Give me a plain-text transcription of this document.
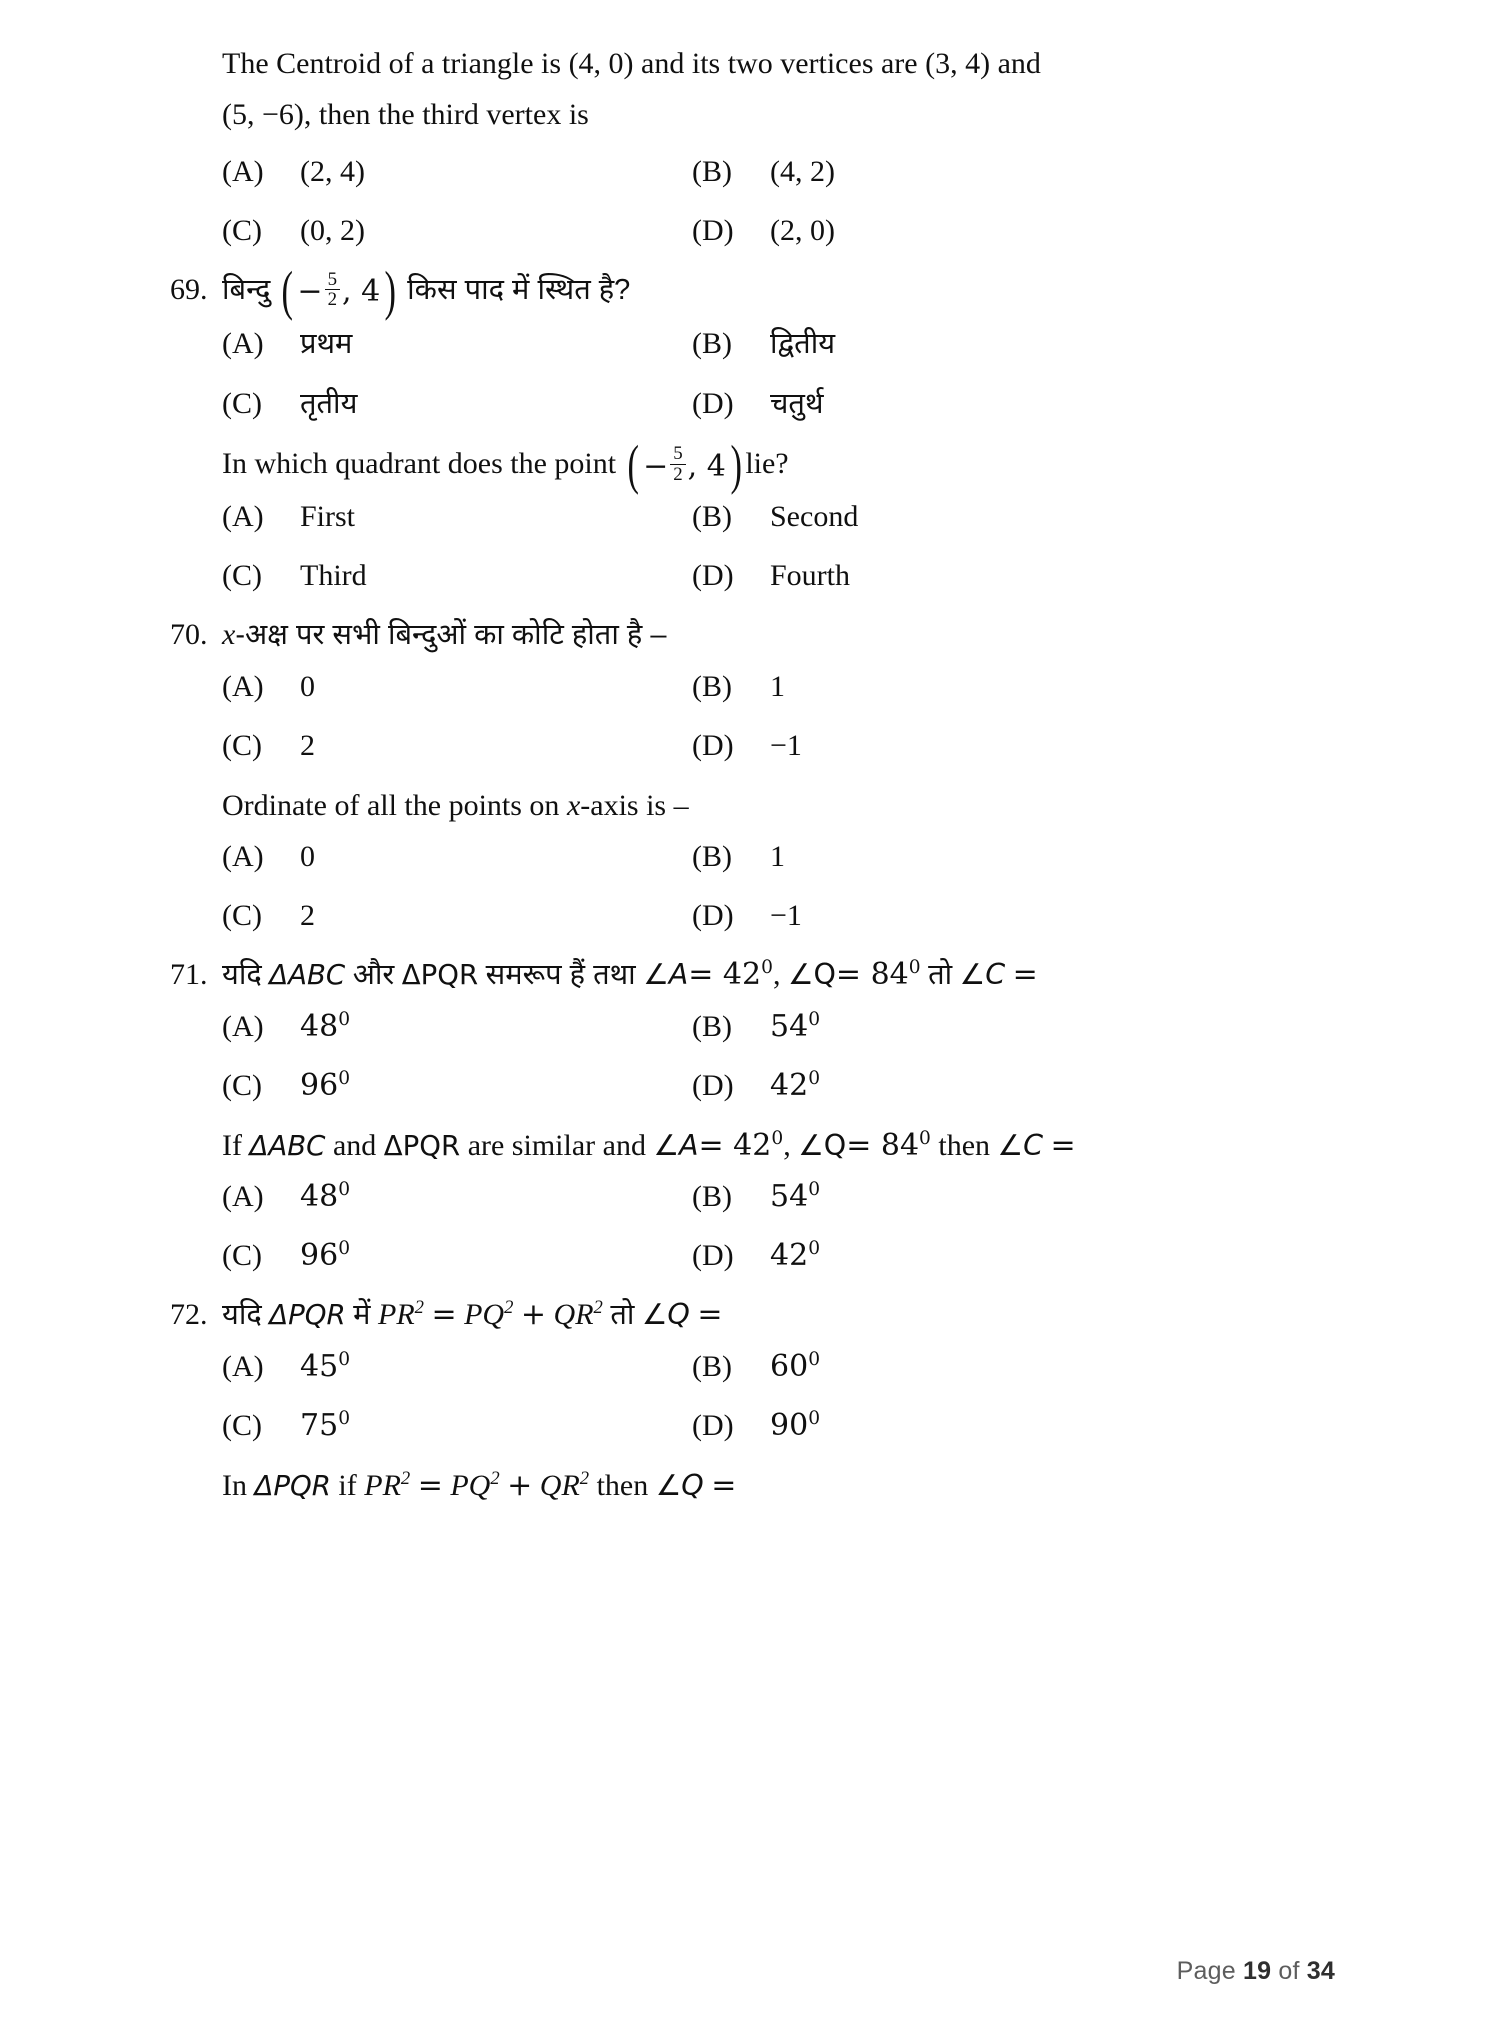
The Centroid of a triangle is (4, 0) and its two vertices are (3, 4) and
(5, −6), then the third vertex is
(A)	(2, 4)	(B)	(4, 2)
(C)	(0, 2)	(D)	(2, 0)
69. बिन्दु ( − $\frac{5}{2}$ , 4 ) किस पाद में स्थित है?
(A)	प्रथम	(B)	द्वितीय
(C)	तृतीय	(D)	चतुर्थ
In which quadrant does the point ( − $\frac{5}{2}$ , 4 ) lie?
(A)	First	(B)	Second
(C)	Third	(D)	Fourth
70. x-अक्ष पर सभी बिन्दुओं का कोटि होता है –
(A)	0	(B)	1
(C)	2	(D)	−1
Ordinate of all the points on x-axis is –
(A)	0	(B)	1
(C)	2	(D)	−1
71. यदि ΔABC और ΔPQR समरूप हैं तथा ∠A= $42^0$, ∠Q= $84^0$ तो ∠C =
(A)	$48^0$	(B)	$54^0$
(C)	$96^0$	(D)	$42^0$
If ΔABC and ΔPQR are similar and ∠A= $42^0$, ∠Q= $84^0$ then ∠C =
(A)	$48^0$	(B)	$54^0$
(C)	$96^0$	(D)	$42^0$
72. यदि ΔPQR में $PR^2 = PQ^2 + QR^2$ तो ∠Q =
(A)	$45^0$	(B)	$60^0$
(C)	$75^0$	(D)	$90^0$
In ΔPQR if $PR^2 = PQ^2 + QR^2$ then ∠Q =
Page 19 of 34
